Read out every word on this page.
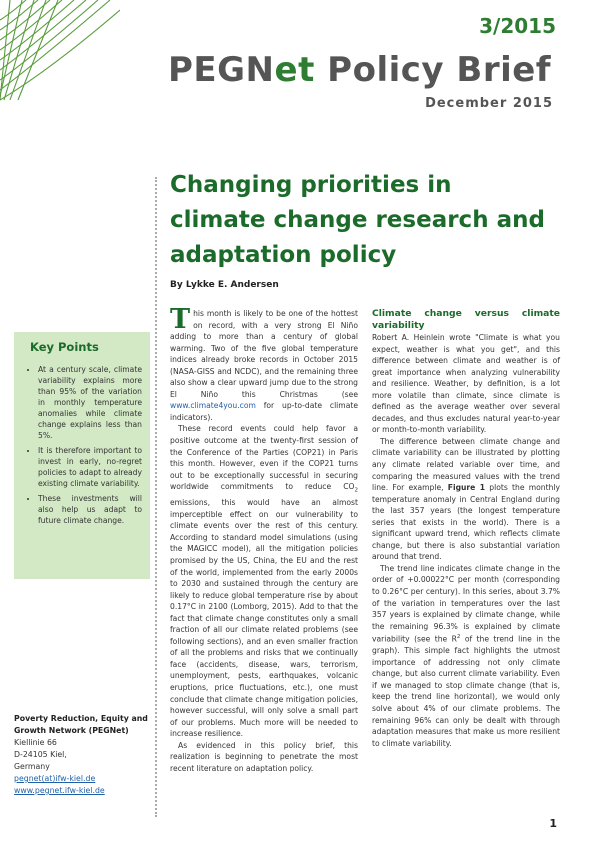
3/2015
PEGNet Policy Brief
December 2015
Changing priorities in
climate change research and
adaptation policy
By Lykke E. Andersen
Key Points
• At a century scale, climate variability explains more than 95% of the variation in monthly temperature anomalies while climate change explains less than 5%.
• It is therefore important to invest in early, no-regret policies to adapt to already existing climate variability.
• These investments will also help us adapt to future climate change.
Poverty Reduction, Equity and Growth Network (PEGNet)
Kiellinie 66
D-24105 Kiel,
Germany
pegnet(at)ifw-kiel.de
www.pegnet.ifw-kiel.de

This month is likely to be one of the hottest on record, with a very strong El Niño adding to more than a century of global warming. Two of the five global temperature indices already broke records in October 2015 (NASA-GISS and NCDC), and the remaining three also show a clear upward jump due to the strong El Niño this Christmas (see www.climate4you.com for up-to-date climate indicators).

These record events could help favor a positive outcome at the twenty-first session of the Conference of the Parties (COP21) in Paris this month. However, even if the COP21 turns out to be exceptionally successful in securing worldwide commitments to reduce $CO_2$ emissions, this would have an almost imperceptible effect on our vulnerability to climate events over the rest of this century. According to standard model simulations (using the MAGICC model), all the mitigation policies promised by the US, China, the EU and the rest of the world, implemented from the early 2000s to 2030 and sustained through the century are likely to reduce global temperature rise by about 0.17°C in 2100 (Lomborg, 2015). Add to that the fact that climate change constitutes only a small fraction of all our climate related problems (see following sections), and an even smaller fraction of all the problems and risks that we continually face (accidents, disease, wars, terrorism, unemployment, pests, earthquakes, volcanic eruptions, price fluctuations, etc.), one must conclude that climate change mitigation policies, however successful, will only solve a small part of our problems. Much more will be needed to increase resilience.

As evidenced in this policy brief, this realization is beginning to penetrate the most recent literature on adaptation policy.

Climate change versus climate variability

Robert A. Heinlein wrote "Climate is what you expect, weather is what you get", and this difference between climate and weather is of great importance when analyzing vulnerability and resilience. Weather, by definition, is a lot more volatile than climate, since climate is defined as the average weather over several decades, and thus excludes natural year-to-year or month-to-month variability.

The difference between climate change and climate variability can be illustrated by plotting any climate related variable over time, and comparing the measured values with the trend line. For example, Figure 1 plots the monthly temperature anomaly in Central England during the last 357 years (the longest temperature series that exists in the world). There is a significant upward trend, which reflects climate change, but there is also substantial variation around that trend.

The trend line indicates climate change in the order of +0.00022°C per month (corresponding to 0.26°C per century). In this series, about 3.7% of the variation in temperatures over the last 357 years is explained by climate change, while the remaining 96.3% is explained by climate variability (see the $R^2$ of the trend line in the graph). This simple fact highlights the utmost importance of addressing not only climate change, but also current climate variability. Even if we managed to stop climate change (that is, keep the trend line horizontal), we would only solve about 4% of our climate problems. The remaining 96% can only be dealt with through adaptation measures that make us more resilient to climate variability.

1
